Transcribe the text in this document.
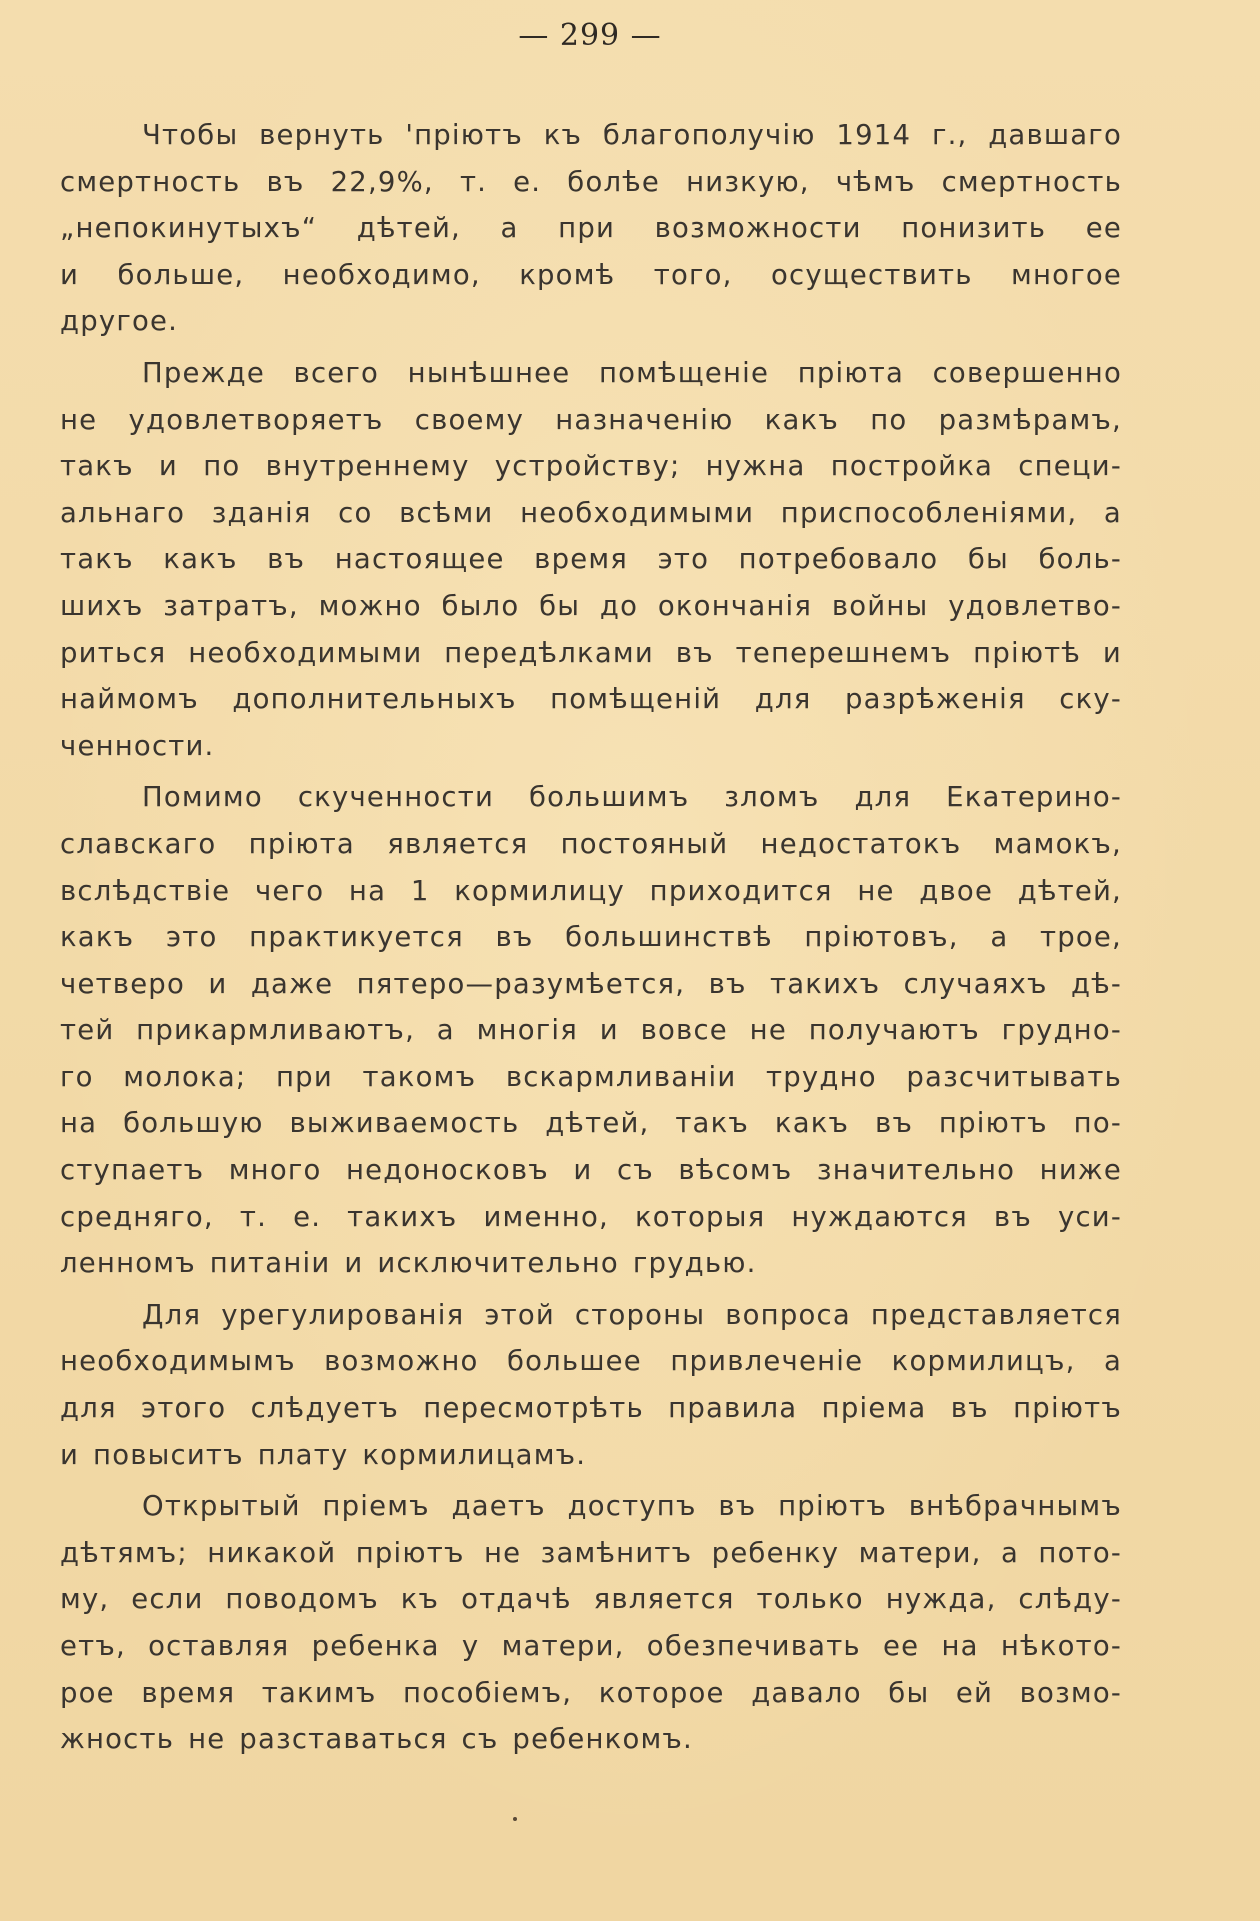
— 299 —
Чтобы вернуть 'пріютъ къ благополучію 1914 г., давшаго
смертность въ 22,9%, т. е. болѣе низкую, чѣмъ смертность
„непокинутыхъ“ дѣтей, а при возможности понизить ее
и больше, необходимо, кромѣ того, осуществить многое
другое.
Прежде всего нынѣшнее помѣщеніе пріюта совершенно
не удовлетворяетъ своему назначенію какъ по размѣрамъ,
такъ и по внутреннему устройству; нужна постройка специ-
альнаго зданія со всѣми необходимыми приспособленіями, а
такъ какъ въ настоящее время это потребовало бы боль-
шихъ затратъ, можно было бы до окончанія войны удовлетво-
риться необходимыми передѣлками въ теперешнемъ пріютѣ и
наймомъ дополнительныхъ помѣщеній для разрѣженія ску-
ченности.
Помимо скученности большимъ зломъ для Екатерино-
славскаго пріюта является постояный недостатокъ мамокъ,
вслѣдствіе чего на 1 кормилицу приходится не двое дѣтей,
какъ это практикуется въ большинствѣ пріютовъ, а трое,
четверо и даже пятеро—разумѣется, въ такихъ случаяхъ дѣ-
тей прикармливаютъ, а многія и вовсе не получаютъ грудно-
го молока; при такомъ вскармливаніи трудно разсчитывать
на большую выживаемость дѣтей, такъ какъ въ пріютъ по-
ступаетъ много недоносковъ и съ вѣсомъ значительно ниже
средняго, т. е. такихъ именно, которыя нуждаются въ уси-
ленномъ питаніи и исключительно грудью.
Для урегулированія этой стороны вопроса представляется
необходимымъ возможно большее привлеченіе кормилицъ, а
для этого слѣдуетъ пересмотрѣть правила пріема въ пріютъ
и повыситъ плату кормилицамъ.
Открытый пріемъ даетъ доступъ въ пріютъ внѣбрачнымъ
дѣтямъ; никакой пріютъ не замѣнитъ ребенку матери, а пото-
му, если поводомъ къ отдачѣ является только нужда, слѣду-
етъ, оставляя ребенка у матери, обезпечивать ее на нѣкото-
рое время такимъ пособіемъ, которое давало бы ей возмо-
жность не разставаться съ ребенкомъ.
